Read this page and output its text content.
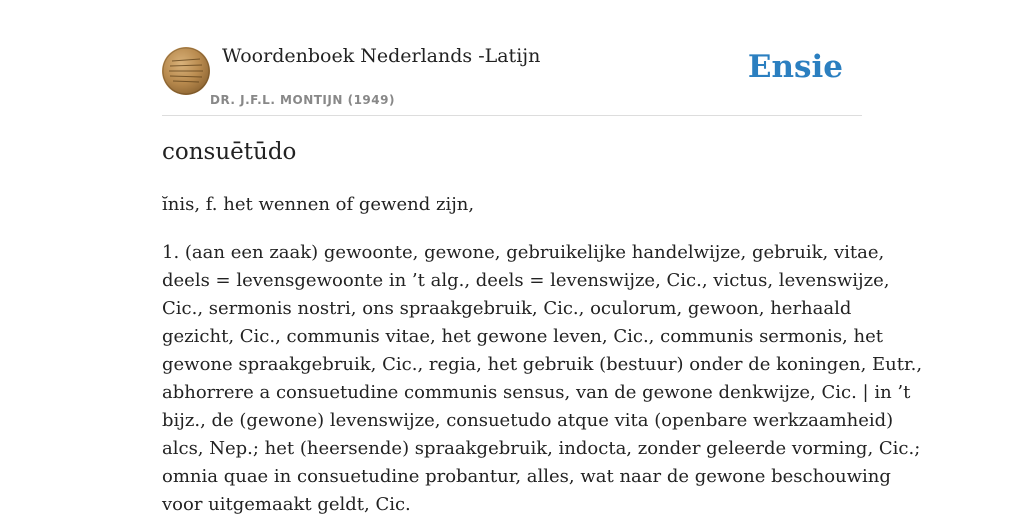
Woordenboek Nederlands -Latijn
DR. J.F.L. MONTIJN (1949)
Ensie
consuētūdo
ĭnis, f. het wennen of gewend zijn,
1. (aan een zaak) gewoonte, gewone, gebruikelijke handelwijze, gebruik, vitae,
deels = levensgewoonte in ’t alg., deels = levenswijze, Cic., victus, levenswijze,
Cic., sermonis nostri, ons spraakgebruik, Cic., oculorum, gewoon, herhaald
gezicht, Cic., communis vitae, het gewone leven, Cic., communis sermonis, het
gewone spraakgebruik, Cic., regia, het gebruik (bestuur) onder de koningen, Eutr.,
abhorrere a consuetudine communis sensus, van de gewone denkwijze, Cic. | in ’t
bijz., de (gewone) levenswijze, consuetudo atque vita (openbare werkzaamheid)
alcs, Nep.; het (heersende) spraakgebruik, indocta, zonder geleerde vorming, Cic.;
omnia quae in consuetudine probantur, alles, wat naar de gewone beschouwing
voor uitgemaakt geldt, Cic.
